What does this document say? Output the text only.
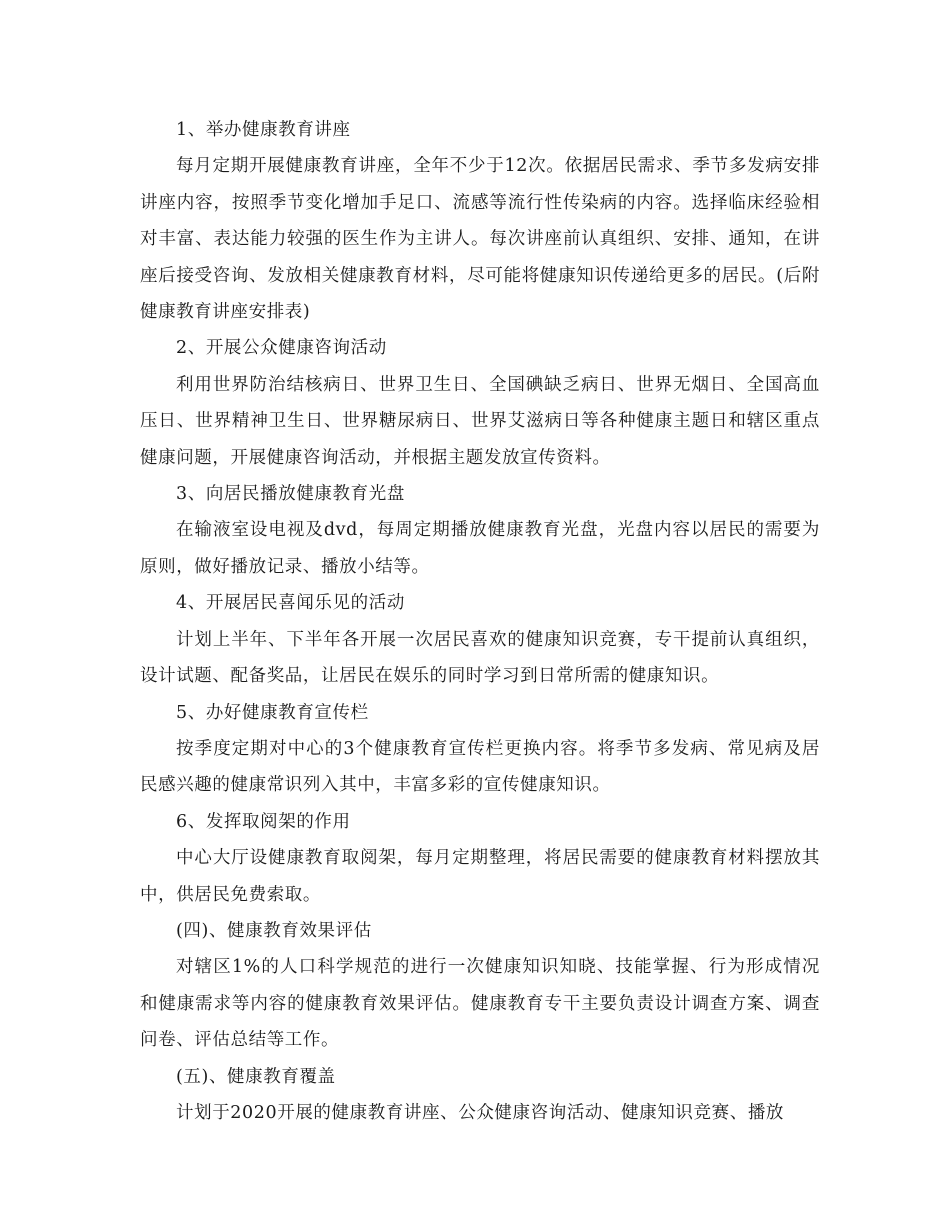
1、举办健康教育讲座

每月定期开展健康教育讲座，全年不少于12次。依据居民需求、季节多发病安排讲座内容，按照季节变化增加手足口、流感等流行性传染病的内容。选择临床经验相对丰富、表达能力较强的医生作为主讲人。每次讲座前认真组织、安排、通知，在讲座后接受咨询、发放相关健康教育材料，尽可能将健康知识传递给更多的居民。(后附健康教育讲座安排表)

2、开展公众健康咨询活动

利用世界防治结核病日、世界卫生日、全国碘缺乏病日、世界无烟日、全国高血压日、世界精神卫生日、世界糖尿病日、世界艾滋病日等各种健康主题日和辖区重点健康问题，开展健康咨询活动，并根据主题发放宣传资料。

3、向居民播放健康教育光盘

在输液室设电视及dvd，每周定期播放健康教育光盘，光盘内容以居民的需要为原则，做好播放记录、播放小结等。

4、开展居民喜闻乐见的活动

计划上半年、下半年各开展一次居民喜欢的健康知识竞赛，专干提前认真组织，设计试题、配备奖品，让居民在娱乐的同时学习到日常所需的健康知识。

5、办好健康教育宣传栏

按季度定期对中心的3个健康教育宣传栏更换内容。将季节多发病、常见病及居民感兴趣的健康常识列入其中，丰富多彩的宣传健康知识。

6、发挥取阅架的作用

中心大厅设健康教育取阅架，每月定期整理，将居民需要的健康教育材料摆放其中，供居民免费索取。

(四)、健康教育效果评估

对辖区1%的人口科学规范的进行一次健康知识知晓、技能掌握、行为形成情况和健康需求等内容的健康教育效果评估。健康教育专干主要负责设计调查方案、调查问卷、评估总结等工作。

(五)、健康教育覆盖

计划于2020开展的健康教育讲座、公众健康咨询活动、健康知识竞赛、播放
